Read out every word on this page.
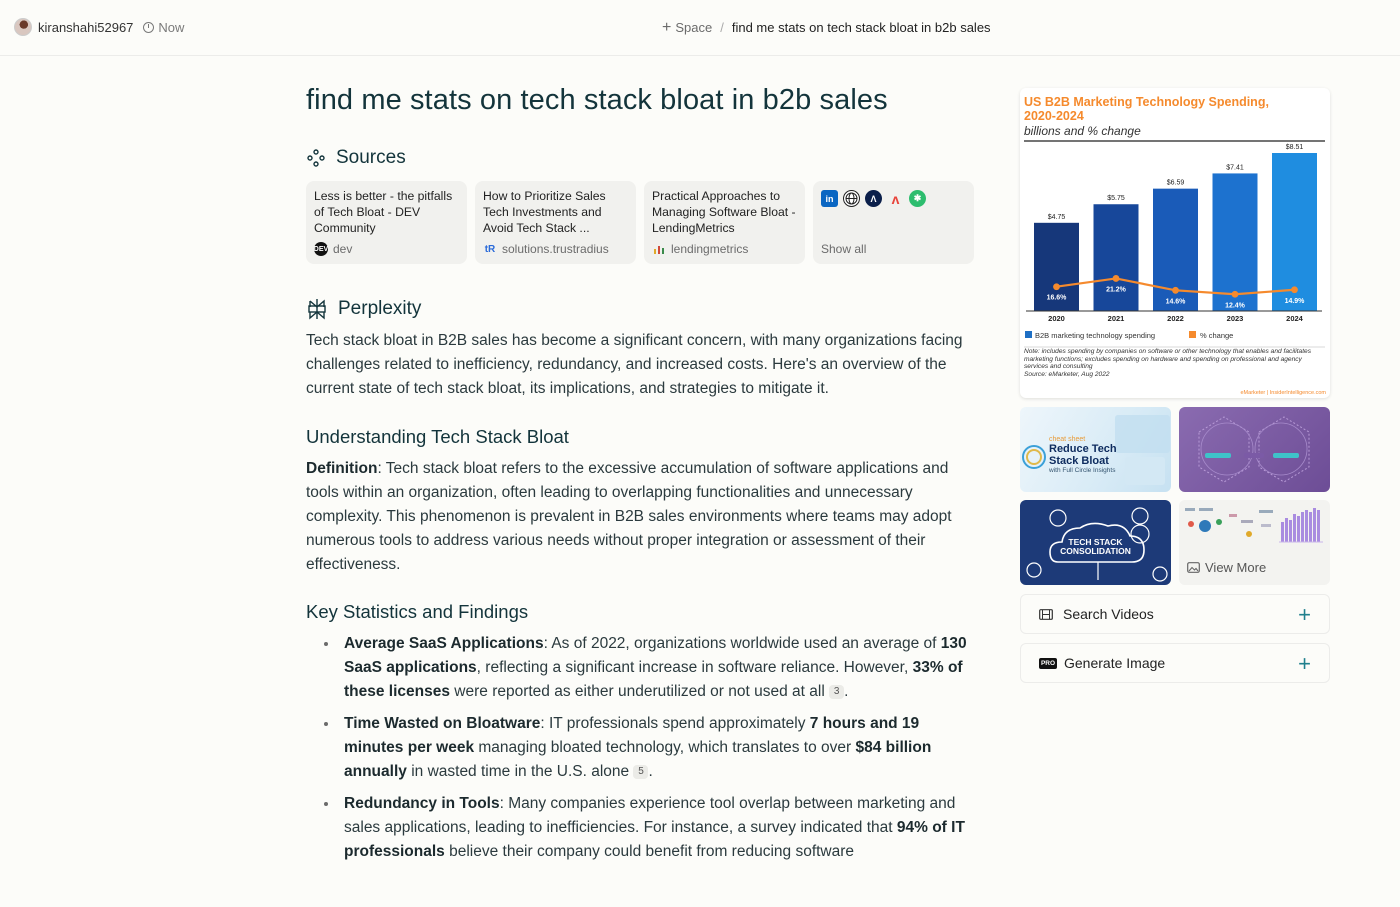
kiranshahi52967 Now	+ Space / find me stats on tech stack bloat in b2b sales
find me stats on tech stack bloat in b2b sales
Sources
Less is better - the pitfalls of Tech Bloat - DEV Community
DEV dev
How to Prioritize Sales Tech Investments and Avoid Tech Stack ...
tR solutions.trustradius
Practical Approaches to Managing Software Bloat - LendingMetrics
lendingmetrics
in	Λ	ʌ	✱
Show all
Perplexity

Tech stack bloat in B2B sales has become a significant concern, with many organizations facing challenges related to inefficiency, redundancy, and increased costs. Here's an overview of the current state of tech stack bloat, its implications, and strategies to mitigate it.

Understanding Tech Stack Bloat

Definition: Tech stack bloat refers to the excessive accumulation of software applications and tools within an organization, often leading to overlapping functionalities and unnecessary complexity. This phenomenon is prevalent in B2B sales environments where teams may adopt numerous tools to address various needs without proper integration or assessment of their effectiveness.

Key Statistics and Findings
Average SaaS Applications: As of 2022, organizations worldwide used an average of 130 SaaS applications, reflecting a significant increase in software reliance. However, 33% of these licenses were reported as either underutilized or not used at all 3 .
Time Wasted on Bloatware: IT professionals spend approximately 7 hours and 19 minutes per week managing bloated technology, which translates to over $84 billion annually in wasted time in the U.S. alone 5 .
Redundancy in Tools: Many companies experience tool overlap between marketing and sales applications, leading to inefficiencies. For instance, a survey indicated that 94% of IT professionals believe their company could benefit from reducing software
US B2B Marketing Technology Spending, 2020-2024
billions and % change
$4.75
2020
$5.75
2021
$6.59
2022
$7.41
2023
$8.51
2024
16.6%
21.2%
14.6%
12.4%
14.9%
B2B marketing technology spending	% change
Note: includes spending by companies on software or other technology that enables and facilitates marketing functions; excludes spending on hardware and spending on professional and agency services and consulting
Source: eMarketer, Aug 2022
eMarketer | InsiderIntelligence.com
cheat sheet
Reduce Tech Stack Bloat
with Full Circle Insights
TECH STACK CONSOLIDATION
View More
Search Videos	+
PRO Generate Image	+
